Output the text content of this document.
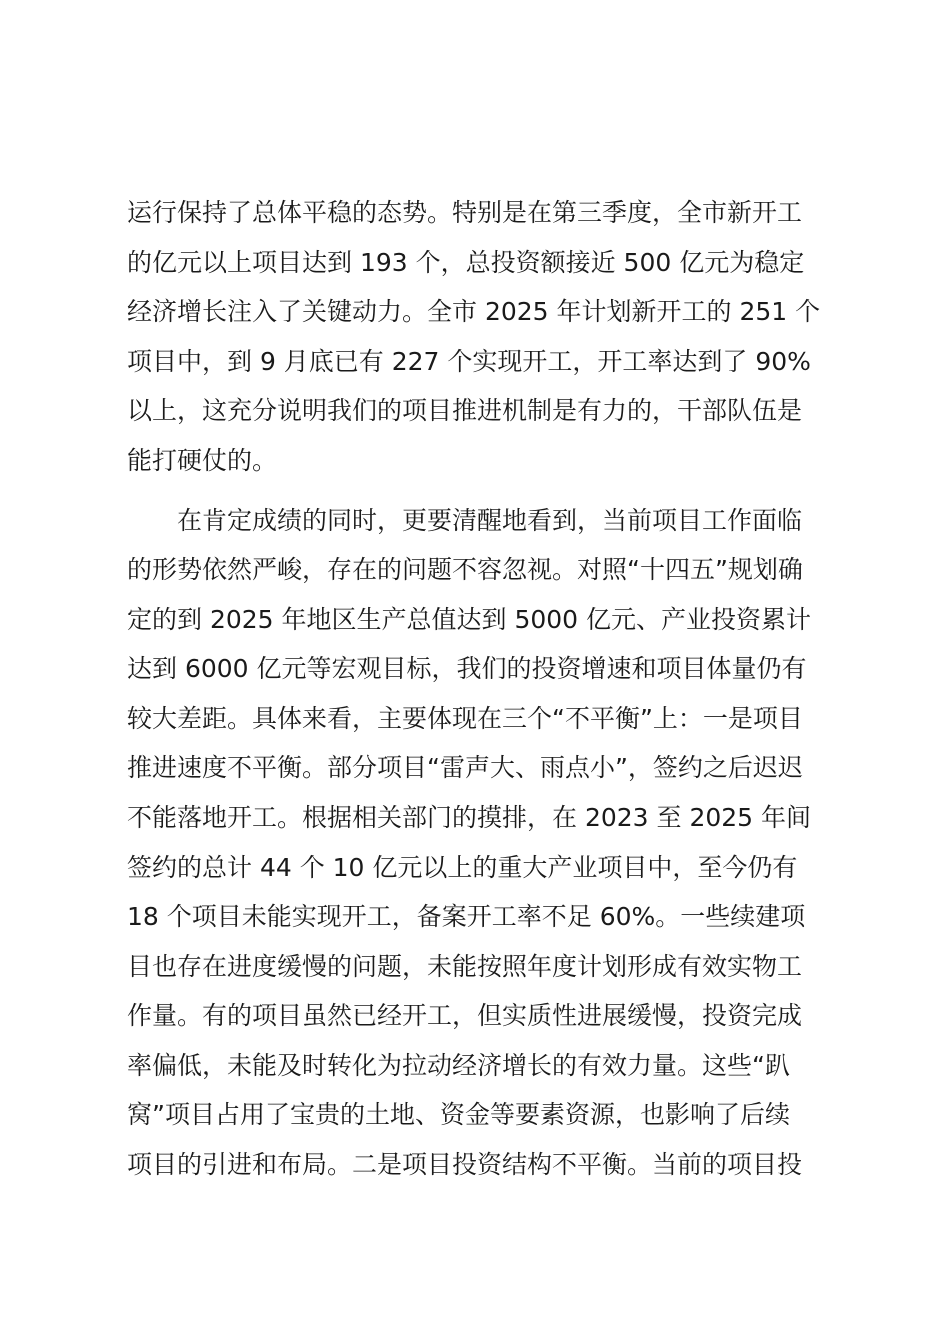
运行保持了总体平稳的态势。特别是在第三季度，全市新开工
的亿元以上项目达到 193 个，总投资额接近 500 亿元为稳定
经济增长注入了关键动力。全市 2025 年计划新开工的 251 个
项目中，到 9 月底已有 227 个实现开工，开工率达到了 90%
以上，这充分说明我们的项目推进机制是有力的，干部队伍是
能打硬仗的。
在肯定成绩的同时，更要清醒地看到，当前项目工作面临
的形势依然严峻，存在的问题不容忽视。对照“十四五”规划确
定的到 2025 年地区生产总值达到 5000 亿元、产业投资累计
达到 6000 亿元等宏观目标，我们的投资增速和项目体量仍有
较大差距。具体来看，主要体现在三个“不平衡”上：一是项目
推进速度不平衡。部分项目“雷声大、雨点小”，签约之后迟迟
不能落地开工。根据相关部门的摸排，在 2023 至 2025 年间
签约的总计 44 个 10 亿元以上的重大产业项目中，至今仍有
18 个项目未能实现开工，备案开工率不足 60%。一些续建项
目也存在进度缓慢的问题，未能按照年度计划形成有效实物工
作量。有的项目虽然已经开工，但实质性进展缓慢，投资完成
率偏低，未能及时转化为拉动经济增长的有效力量。这些“趴
窝”项目占用了宝贵的土地、资金等要素资源，也影响了后续
项目的引进和布局。二是项目投资结构不平衡。当前的项目投
